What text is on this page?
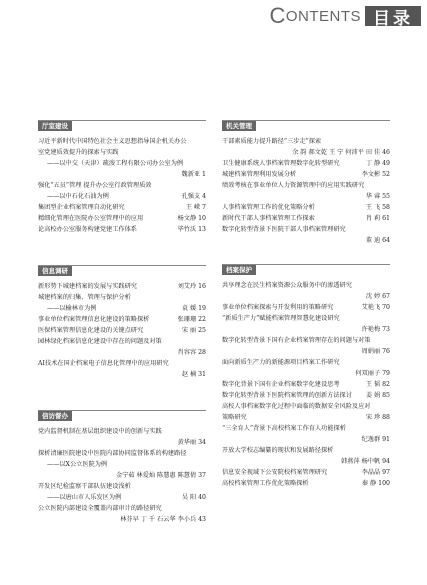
C ONTENTS 目录
厅室建设
习近平新时代中国特色社会主义思想指导国企机关办公
室党建质效提升的探索与实践
——以中交（天津）疏浚工程有限公司办公室为例
魏新亚 1
强化“五员”管理 提升办公室行政管理质效
——以中石化石油为例	孔强支 4
集团型企业档案管理自动化研究	王 嵘 7
精细化管理在医院办公室管理中的应用	杨文静 10
论高校办公室服务构建党建工作体系	毕竹沃 13
信息调研
新形势下城建档案的发展与实践研究	刘艾玲 16
城建档案的归集、管理与保护分析
——以榆林市为例	袁 媛 19
事业单位档案管理信息化建设的策略探析	张珊珊 22
医保档案管理信息化建设的关键点研究	宋 丽 25
园林绿化档案信息化建设中存在的问题及对策
肖容容 28
AI技术在国企档案电子信息化管理中的应用研究
赵 楠 31
信访督办
党内监督机制在基层组织建设中的创新与实践
黄华丽 34
探析清廉医院建设中医院内部协同监督体系的构建路径
——以X公立医院为例
金宁茹 林爱灿 陈慧惠 陈慧倩 37
开发区纪检监察干部队伍建设浅析
——以唐山市人乐发区为例	吴 阳 40
公立医院内部建设全覆盖内部审计的路径研究
林芬早 丁 千 石云华 李小兵 43
机关管理
干部素质能力提升路径“三步走”探索
余 韵 郝文乾 王 宁 何沛平 田 佳 46
卫生健康系统人事档案管理数字化转型研究	丁 静 49
城建档案管理利用发展分析	李文彬 52
绩效考核在事业单位人力资源管理中的应用实践研究
华 睿 55
人事档案管理工作的优化策略分析	王 飞 58
新时代干部人事档案管理工作探索	肖 莉 61
数字化转型背景下医院干部人事档案管理研究
董 迪 64
档案保护
共享理念在民生档案资源公众服务中的渗透研究
沈 婷 67
事业单位档案探索与开发利用的策略研究	艾艳飞 70
“新质生产力”赋能档案管理智慧化建设研究
许艳梅 73
数字化转型背景下国有企业档案管理存在的问题与对策
周娟丽 76
面向新质生产力的新能源项目档案工作研究
何双丽子 79
数字化背景下国有企业档案数字化建设思考	王 韬 82
数字化转型背景下医院档案管理的创新方法探讨 姜 娟 85
高校人事档案数字化过程中面临的数据安全风险及应对
策略研究	宋 珍 88
“三全育人”背景下高校档案工作育人功能探析
纪逸群 91
开放大学校志编纂的现状和发展路径探析
韩燕萍 杨中帆 94
信息安全视域下公安院校档案管理研究	李晶晶 97
高校档案管理工作优化策略探析	秦 静 100
